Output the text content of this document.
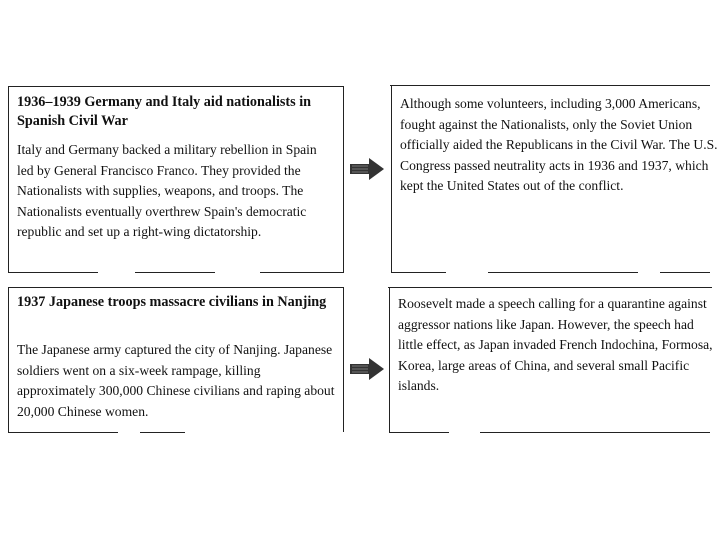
1936–1939 Germany and Italy aid nationalists in Spanish Civil War

Italy and Germany backed a military rebellion in Spain led by General Francisco Franco. They provided the Nationalists with supplies, weapons, and troops. The Nationalists eventually overthrew Spain's democratic republic and set up a right-wing dictatorship.

Although some volunteers, including 3,000 Americans, fought against the Nationalists, only the Soviet Union officially aided the Republicans in the Civil War. The U.S. Congress passed neutrality acts in 1936 and 1937, which kept the United States out of the conflict.

1937 Japanese troops massacre civilians in Nanjing

The Japanese army captured the city of Nanjing. Japanese soldiers went on a six-week rampage, killing approximately 300,000 Chinese civilians and raping about 20,000 Chinese women.

Roosevelt made a speech calling for a quarantine against aggressor nations like Japan. However, the speech had little effect, as Japan invaded French Indochina, Formosa, Korea, large areas of China, and several small Pacific islands.
